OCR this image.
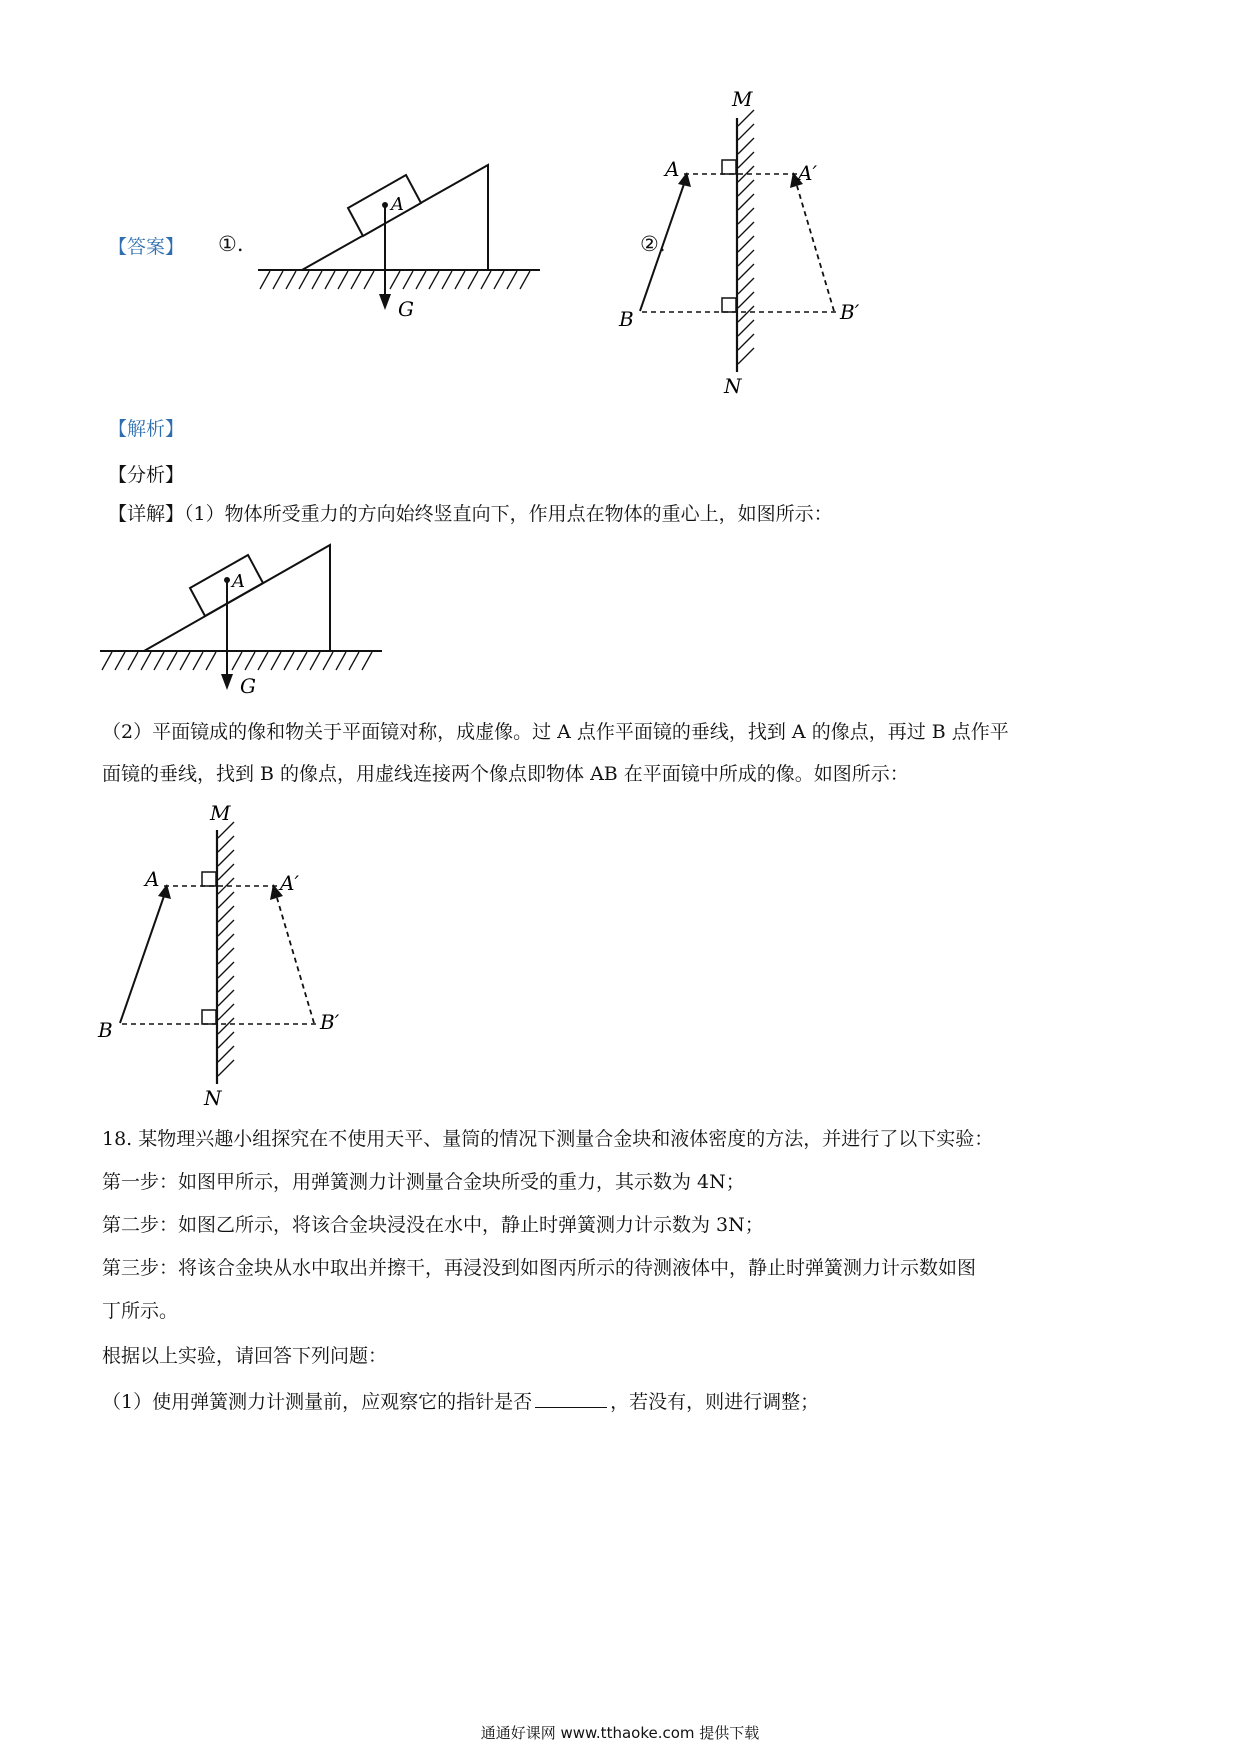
【答案】 ①.
A
G
②.
M
N
A	A′
B	B′
【解析】
【分析】
【详解】（1）物体所受重力的方向始终竖直向下，作用点在物体的重心上，如图所示：
A
G
（2）平面镜成的像和物关于平面镜对称，成虚像。过 A 点作平面镜的垂线，找到 A 的像点，再过 B 点作平
面镜的垂线，找到 B 的像点，用虚线连接两个像点即物体 AB 在平面镜中所成的像。如图所示：
M
N
A	A′
B	B′
18. 某物理兴趣小组探究在不使用天平、量筒的情况下测量合金块和液体密度的方法，并进行了以下实验：
第一步：如图甲所示，用弹簧测力计测量合金块所受的重力，其示数为 4N；
第二步：如图乙所示，将该合金块浸没在水中，静止时弹簧测力计示数为 3N；
第三步：将该合金块从水中取出并擦干，再浸没到如图丙所示的待测液体中，静止时弹簧测力计示数如图
丁所示。
根据以上实验，请回答下列问题：
（1）使用弹簧测力计测量前，应观察它的指针是否	，若没有，则进行调整；
通通好课网 www.tthaoke.com 提供下载
